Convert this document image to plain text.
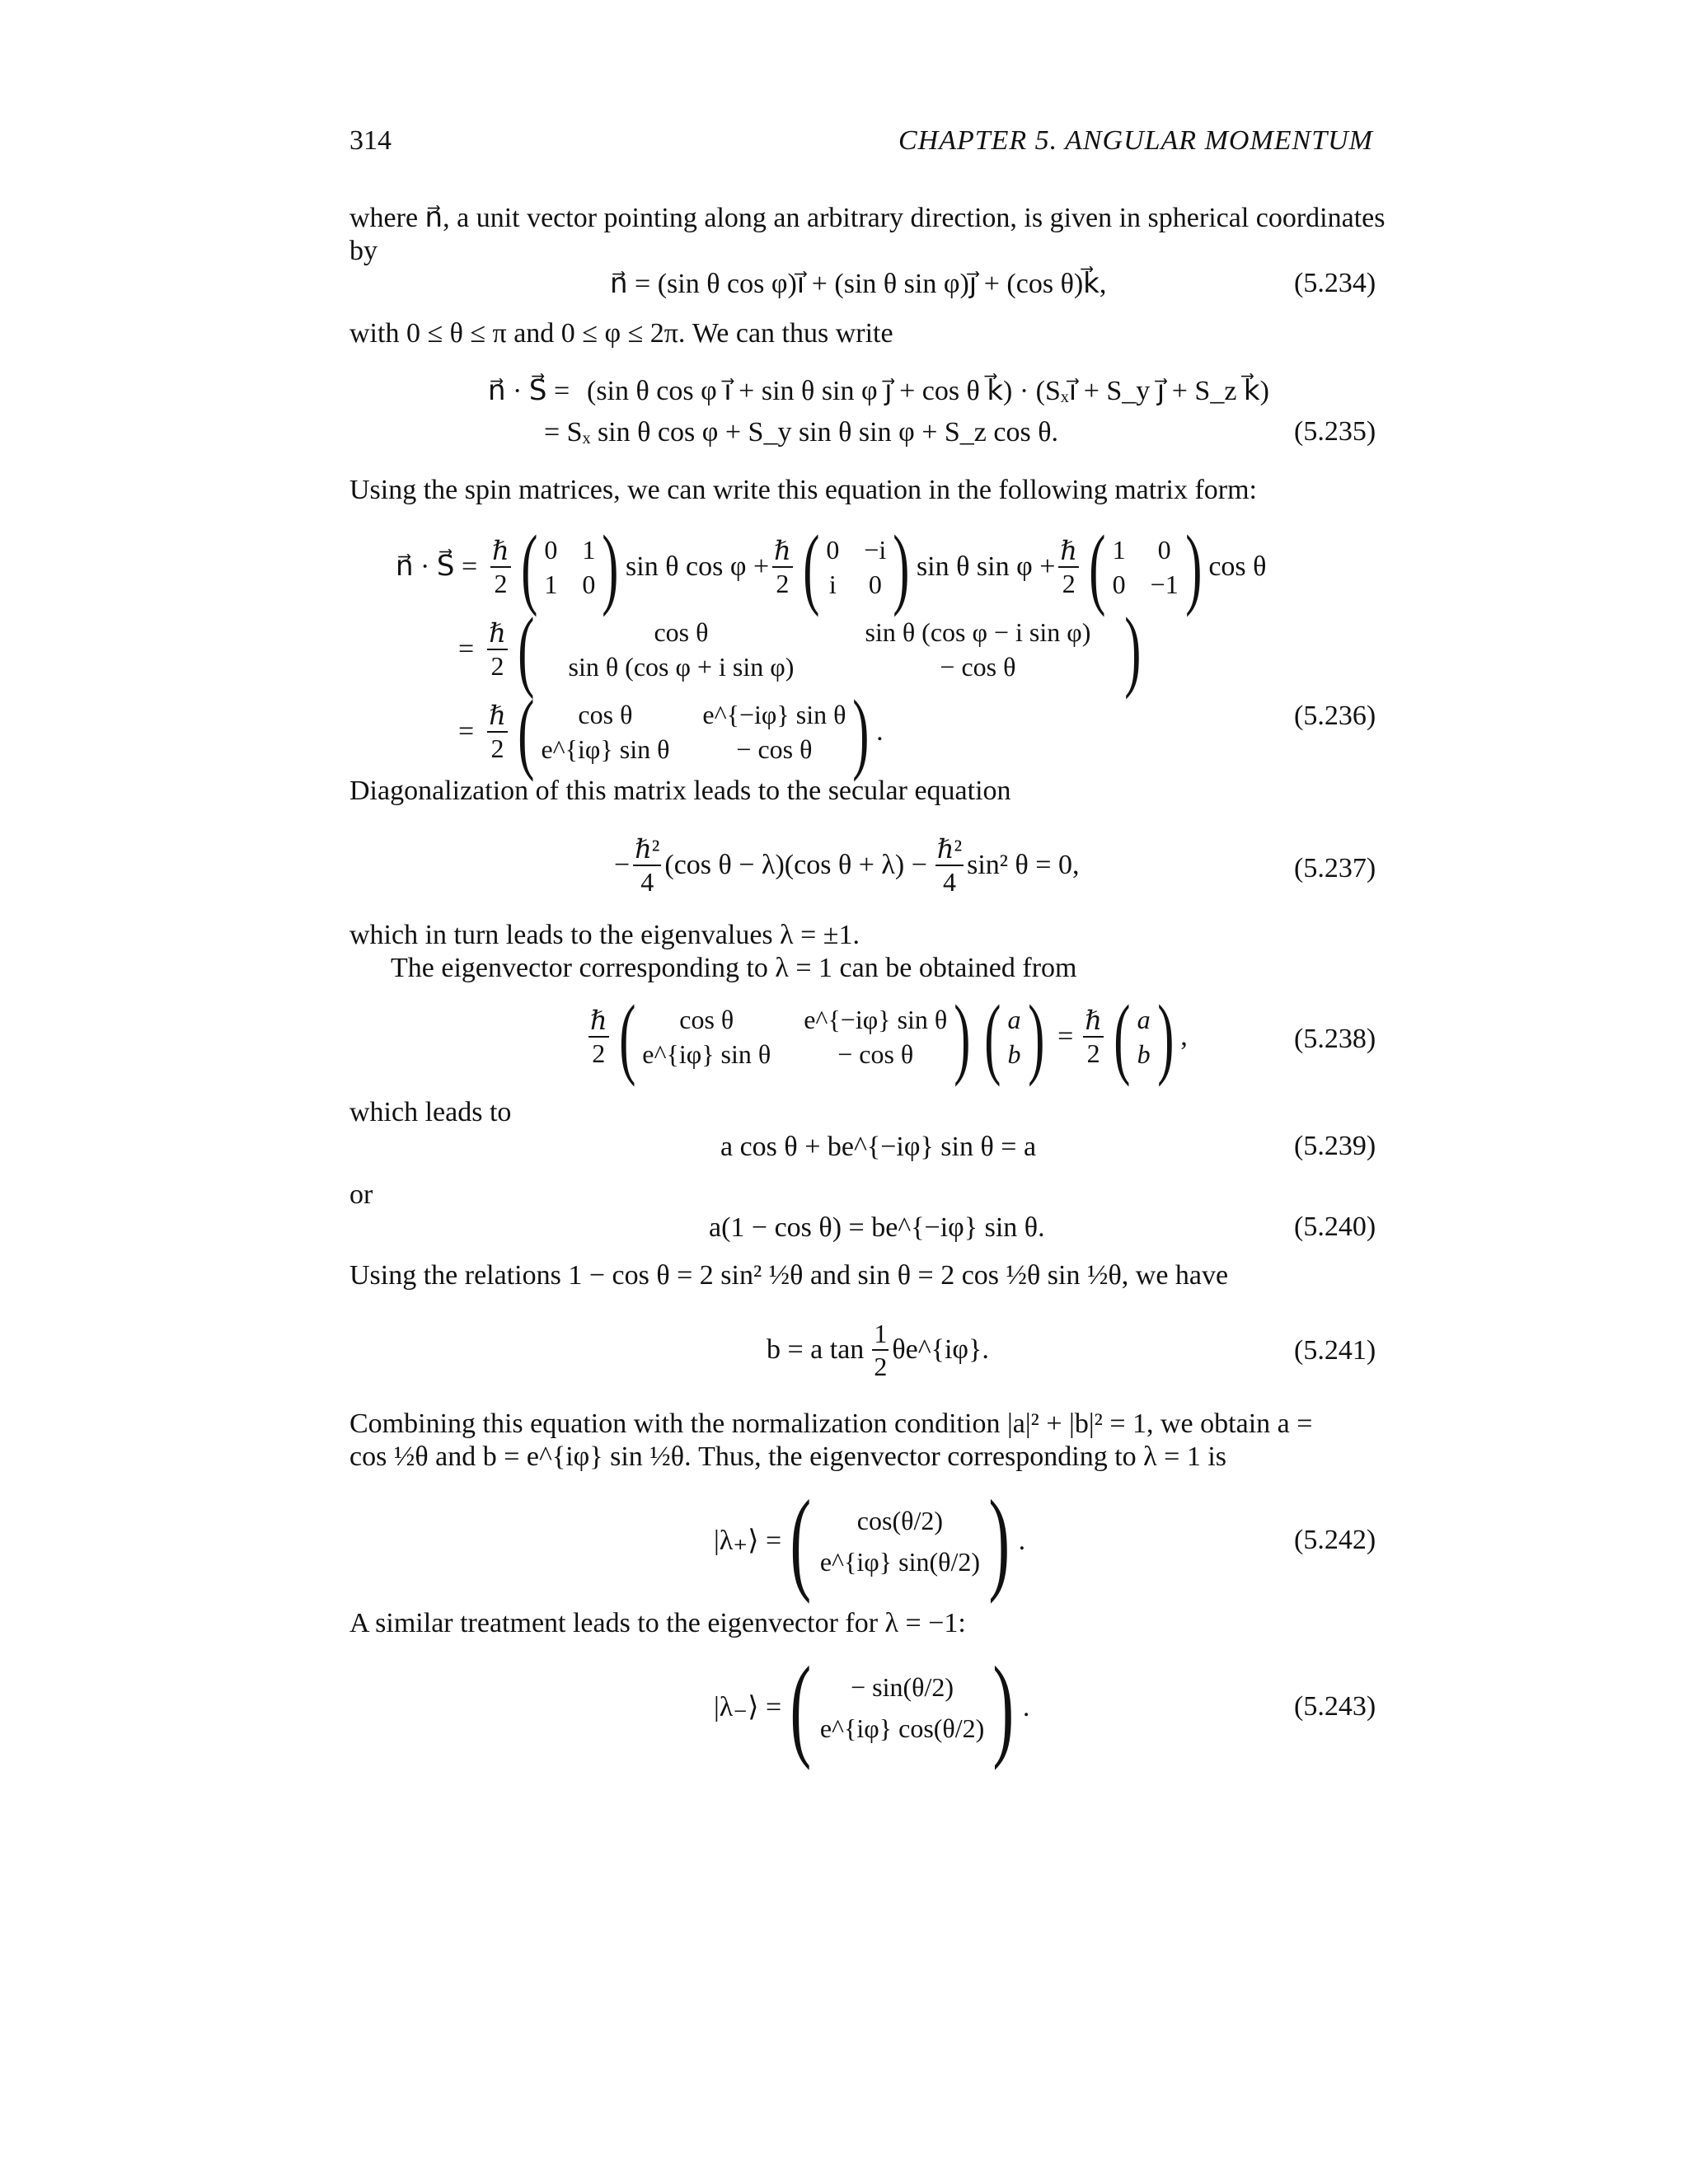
314	CHAPTER 5. ANGULAR MOMENTUM
where n⃗, a unit vector pointing along an arbitrary direction, is given in spherical coordinates
by
n⃗ = (sin θ cos φ)i⃗ + (sin θ sin φ)j⃗ + (cos θ)k⃗,	(5.234)
with 0 ≤ θ ≤ π and 0 ≤ φ ≤ 2π. We can thus write
n⃗ · S⃗ = (sin θ cos φ i⃗ + sin θ sin φ j⃗ + cos θ k⃗) · (Sₓi⃗ + S_y j⃗ + S_z k⃗)
= Sₓ sin θ cos φ + S_y sin θ sin φ + S_z cos θ.	(5.235)
Using the spin matrices, we can write this equation in the following matrix form:
n⃗ · S⃗ = $\frac{\text{ℏ}}{2}$ ( 0 1
1 0 ) sin θ $\cos \varphi + \frac{\text{ℏ}}{2}$ ( 0 −i
i 0 ) sin θ $\sin \varphi + \frac{\text{ℏ}}{2}$ ( 1 0
0 −1 ) cos θ
= $\frac{\text{ℏ}}{2}$ (	cos θ	sin θ (cos φ − i sin φ)
sin θ (cos φ + i sin φ)	− cos θ	)
= $\frac{\text{ℏ}}{2}$ (	cos θ	e^{−iφ} sin θ
e^{iφ} sin θ	− cos θ ) .
(5.236)
Diagonalization of this matrix leads to the secular equation
− $\frac{\text{ℏ²}}{4} (\cos$ θ − λ)(cos $\theta + \lambda) - \frac{\text{ℏ²}}{4} \sin^2$ θ = 0,	(5.237)
which in turn leads to the eigenvalues λ = ±1.
The eigenvector corresponding to λ = 1 can be obtained from
$\frac{\text{ℏ}}{2}$ (	cos θ	e^{−iφ} sin θ
e^{iφ} sin θ	− cos θ ) ( a
b ) = $\frac{\text{ℏ}}{2}$ ( a
b ) ,	(5.238)
which leads to
a cos θ + be^{−iφ} sin θ = a	(5.239)
or
a(1 − cos θ) = be^{−iφ} sin θ.	(5.240)
Using the relations 1 − cos θ = 2 sin² ½θ and sin θ = 2 cos ½θ sin ½θ, we have
b = a $\tan \frac{1}{2}$ θe^{iφ}.	(5.241)
Combining this equation with the normalization condition |a|² + |b|² = 1, we obtain a =
cos ½θ and b = e^{iφ} sin ½θ. Thus, the eigenvector corresponding to λ = 1 is
|λ₊⟩ = (	cos(θ/2)
e^{iφ} sin(θ/2) ) .	(5.242)
A similar treatment leads to the eigenvector for λ = −1:
|λ₋⟩ = (	− sin(θ/2)
e^{iφ} cos(θ/2) ) .	(5.243)
